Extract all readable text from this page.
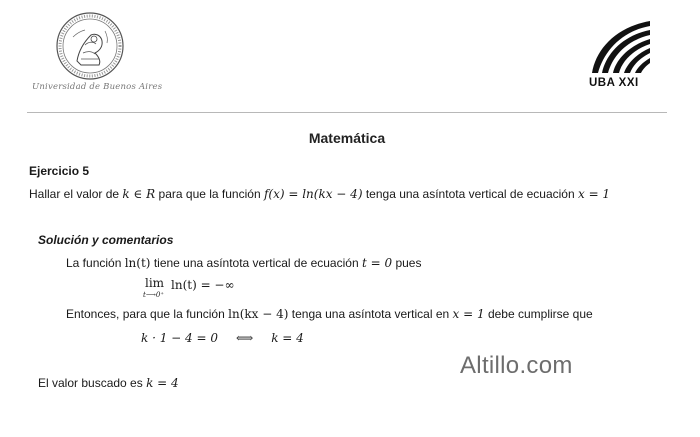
Universidad de Buenos Aires	UBA XXI
Matemática
Ejercicio 5
Hallar el valor de k ∈ R para que la función f(x) = ln(kx − 4) tenga una asíntota vertical de ecuación x = 1
Solución y comentarios
La función ln(t) tiene una asíntota vertical de ecuación t = 0 pues
lim
t⟶0⁺
ln(t) = −∞
Entonces, para que la función ln(kx − 4) tenga una asíntota vertical en x = 1 debe cumplirse que
k · 1 − 4 = 0 ⟺ k = 4
Altillo.com
El valor buscado es k = 4
